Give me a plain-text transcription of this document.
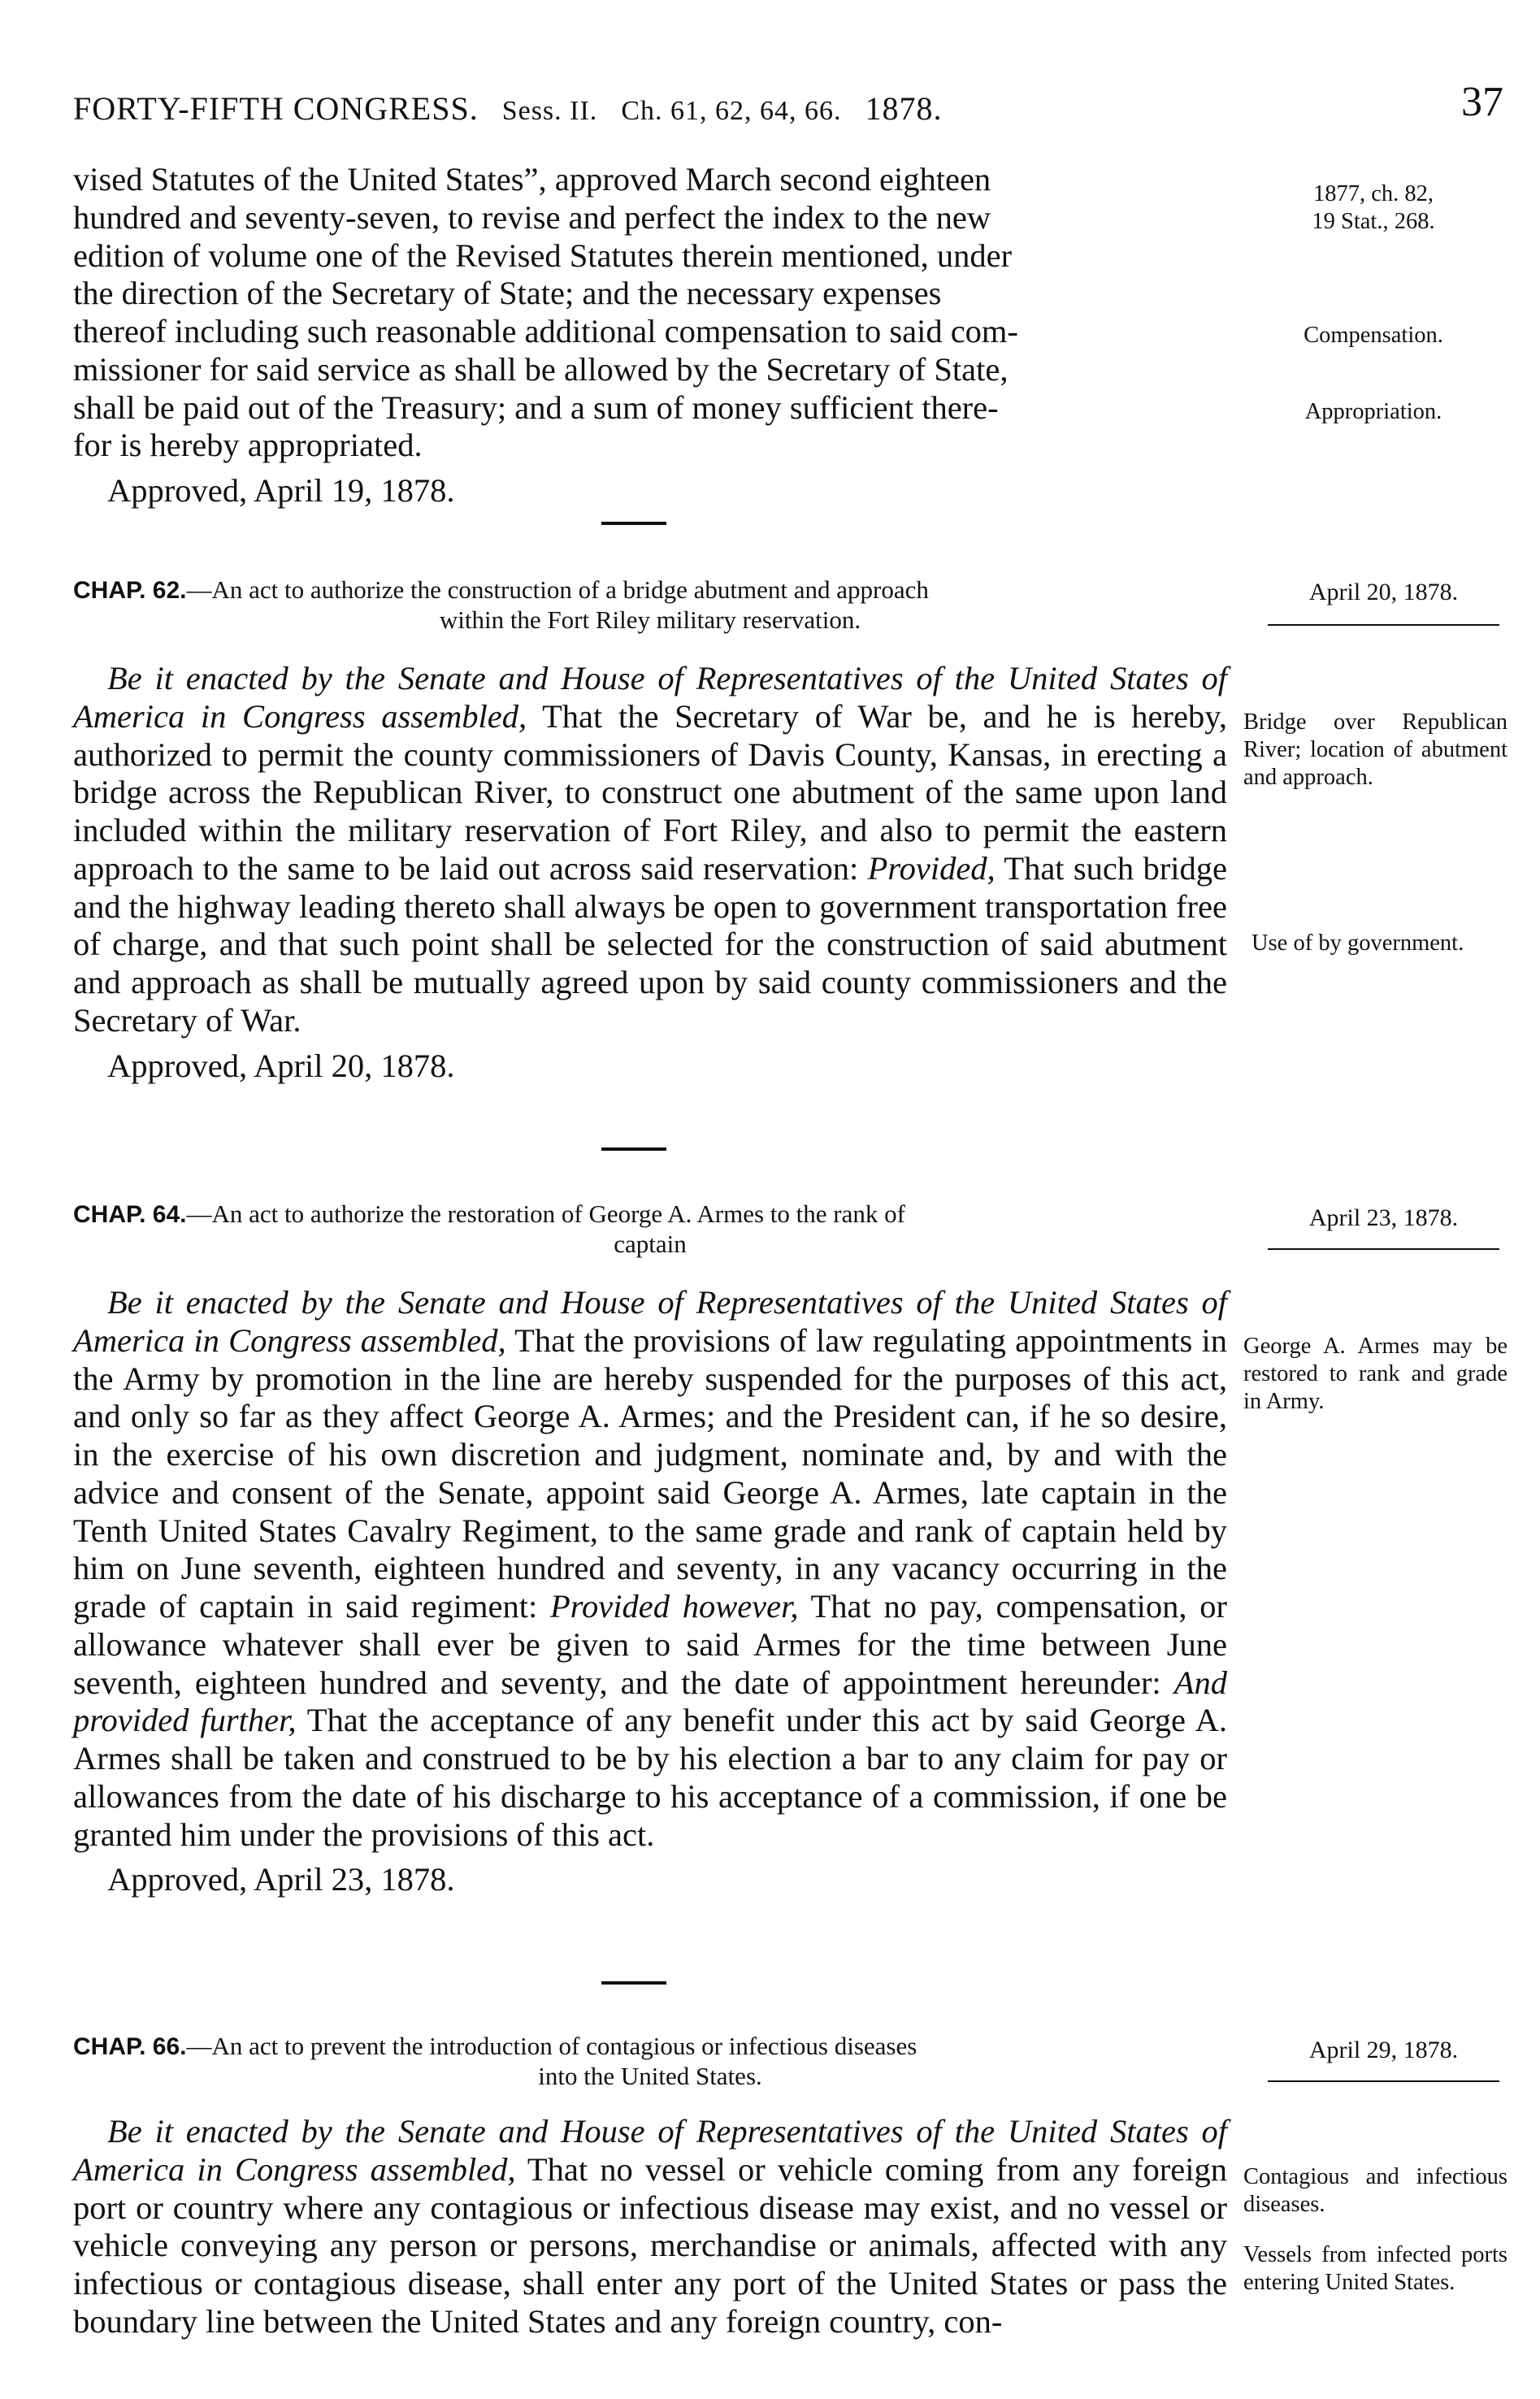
FORTY-FIFTH CONGRESS. Sess. II. Ch. 61, 62, 64, 66. 1878.	37

vised Statutes of the United States”, approved March second eighteen
hundred and seventy-seven, to revise and perfect the index to the new
edition of volume one of the Revised Statutes therein mentioned, under
the direction of the Secretary of State; and the necessary expenses
thereof including such reasonable additional compensation to said com-
missioner for said service as shall be allowed by the Secretary of State,
shall be paid out of the Treasury; and a sum of money sufficient there-
for is hereby appropriated.

Approved, April 19, 1878.
1877, ch. 82,
19 Stat., 268.
Compensation.
Appropriation.
CHAP. 62.—An act to authorize the construction of a bridge abutment and approach
within the Fort Riley military reservation.
April 20, 1878.

Be it enacted by the Senate and House of Representatives of the United States of America in Congress assembled, That the Secretary of War be, and he is hereby, authorized to permit the county commissioners of Davis County, Kansas, in erecting a bridge across the Republican River, to construct one abutment of the same upon land included within the military reservation of Fort Riley, and also to permit the eastern approach to the same to be laid out across said reservation: Provided, That such bridge and the highway leading thereto shall always be open to government transportation free of charge, and that such point shall be selected for the construction of said abutment and approach as shall be mutually agreed upon by said county commissioners and the Secretary of War.

Approved, April 20, 1878.
Bridge over Republican River; location of abutment and approach.
Use of by government.
CHAP. 64.—An act to authorize the restoration of George A. Armes to the rank of
captain
April 23, 1878.

Be it enacted by the Senate and House of Representatives of the United States of America in Congress assembled, That the provisions of law regulating appointments in the Army by promotion in the line are hereby suspended for the purposes of this act, and only so far as they affect George A. Armes; and the President can, if he so desire, in the exercise of his own discretion and judgment, nominate and, by and with the advice and consent of the Senate, appoint said George A. Armes, late captain in the Tenth United States Cavalry Regiment, to the same grade and rank of captain held by him on June seventh, eighteen hundred and seventy, in any vacancy occurring in the grade of captain in said regiment: Provided however, That no pay, compensation, or allowance whatever shall ever be given to said Armes for the time between June seventh, eighteen hundred and seventy, and the date of appointment hereunder: And provided further, That the acceptance of any benefit under this act by said George A. Armes shall be taken and construed to be by his election a bar to any claim for pay or allowances from the date of his discharge to his acceptance of a commission, if one be granted him under the provisions of this act.

Approved, April 23, 1878.
George A. Armes may be restored to rank and grade in Army.
CHAP. 66.—An act to prevent the introduction of contagious or infectious diseases
into the United States.
April 29, 1878.

Be it enacted by the Senate and House of Representatives of the United States of America in Congress assembled, That no vessel or vehicle coming from any foreign port or country where any contagious or infectious disease may exist, and no vessel or vehicle conveying any person or persons, merchandise or animals, affected with any infectious or contagious disease, shall enter any port of the United States or pass the boundary line between the United States and any foreign country, con-

Contagious and infectious diseases.
Vessels from infected ports entering United States.
